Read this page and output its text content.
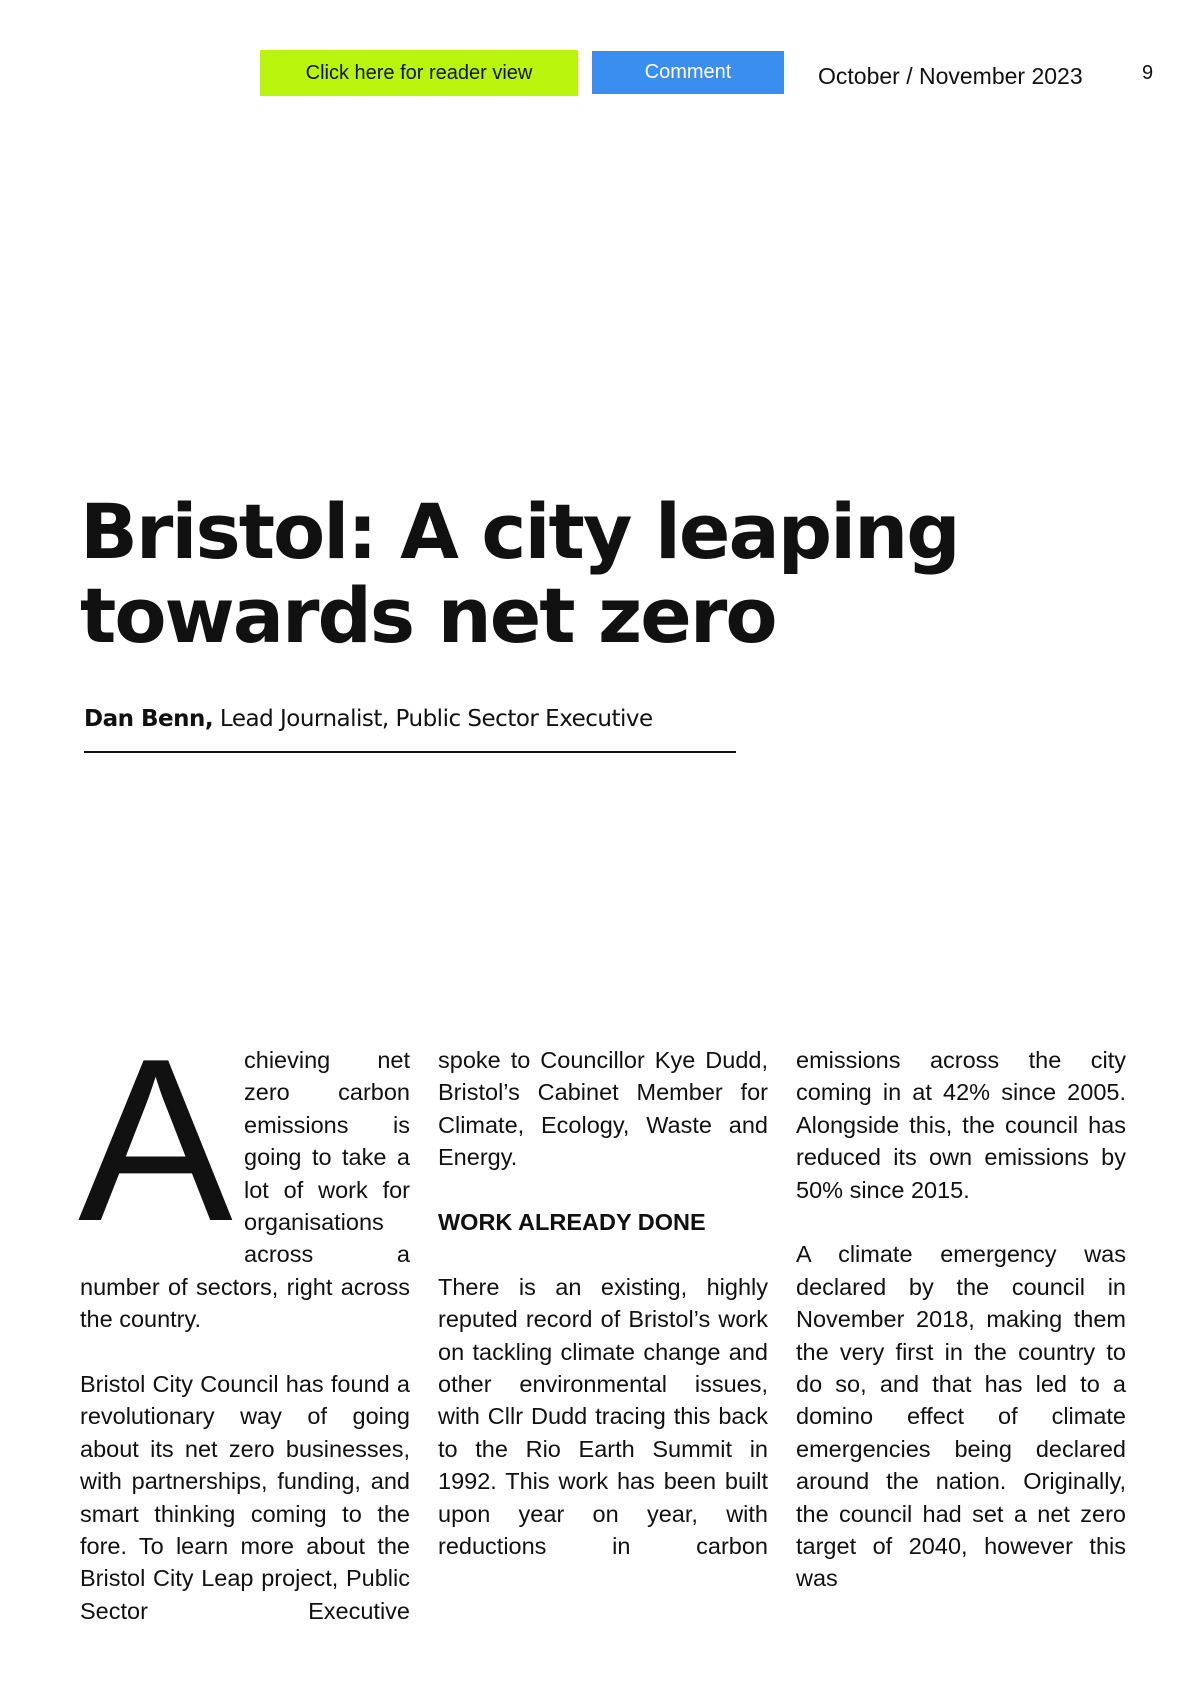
Click here for reader view	Comment	October / November 2023	9
Bristol: A city leaping
towards net zero
Dan Benn, Lead Journalist, Public Sector Executive
A chieving net zero carbon emissions is going to take a lot of work for organisations across a number of sectors, right across the country.

Bristol City Council has found a revolutionary way of going about its net zero businesses, with partnerships, funding, and smart thinking coming to the fore. To learn more about the Bristol City Leap project, Public Sector Executive

spoke to Councillor Kye Dudd, Bristol’s Cabinet Member for Climate, Ecology, Waste and Energy.

WORK ALREADY DONE

There is an existing, highly reputed record of Bristol’s work on tackling climate change and other environmental issues, with Cllr Dudd tracing this back to the Rio Earth Summit in 1992. This work has been built upon year on year, with reductions in carbon

emissions across the city coming in at 42% since 2005. Alongside this, the council has reduced its own emissions by 50% since 2015.

A climate emergency was declared by the council in November 2018, making them the very first in the country to do so, and that has led to a domino effect of climate emergencies being declared around the nation. Originally, the council had set a net zero target of 2040, however this was
